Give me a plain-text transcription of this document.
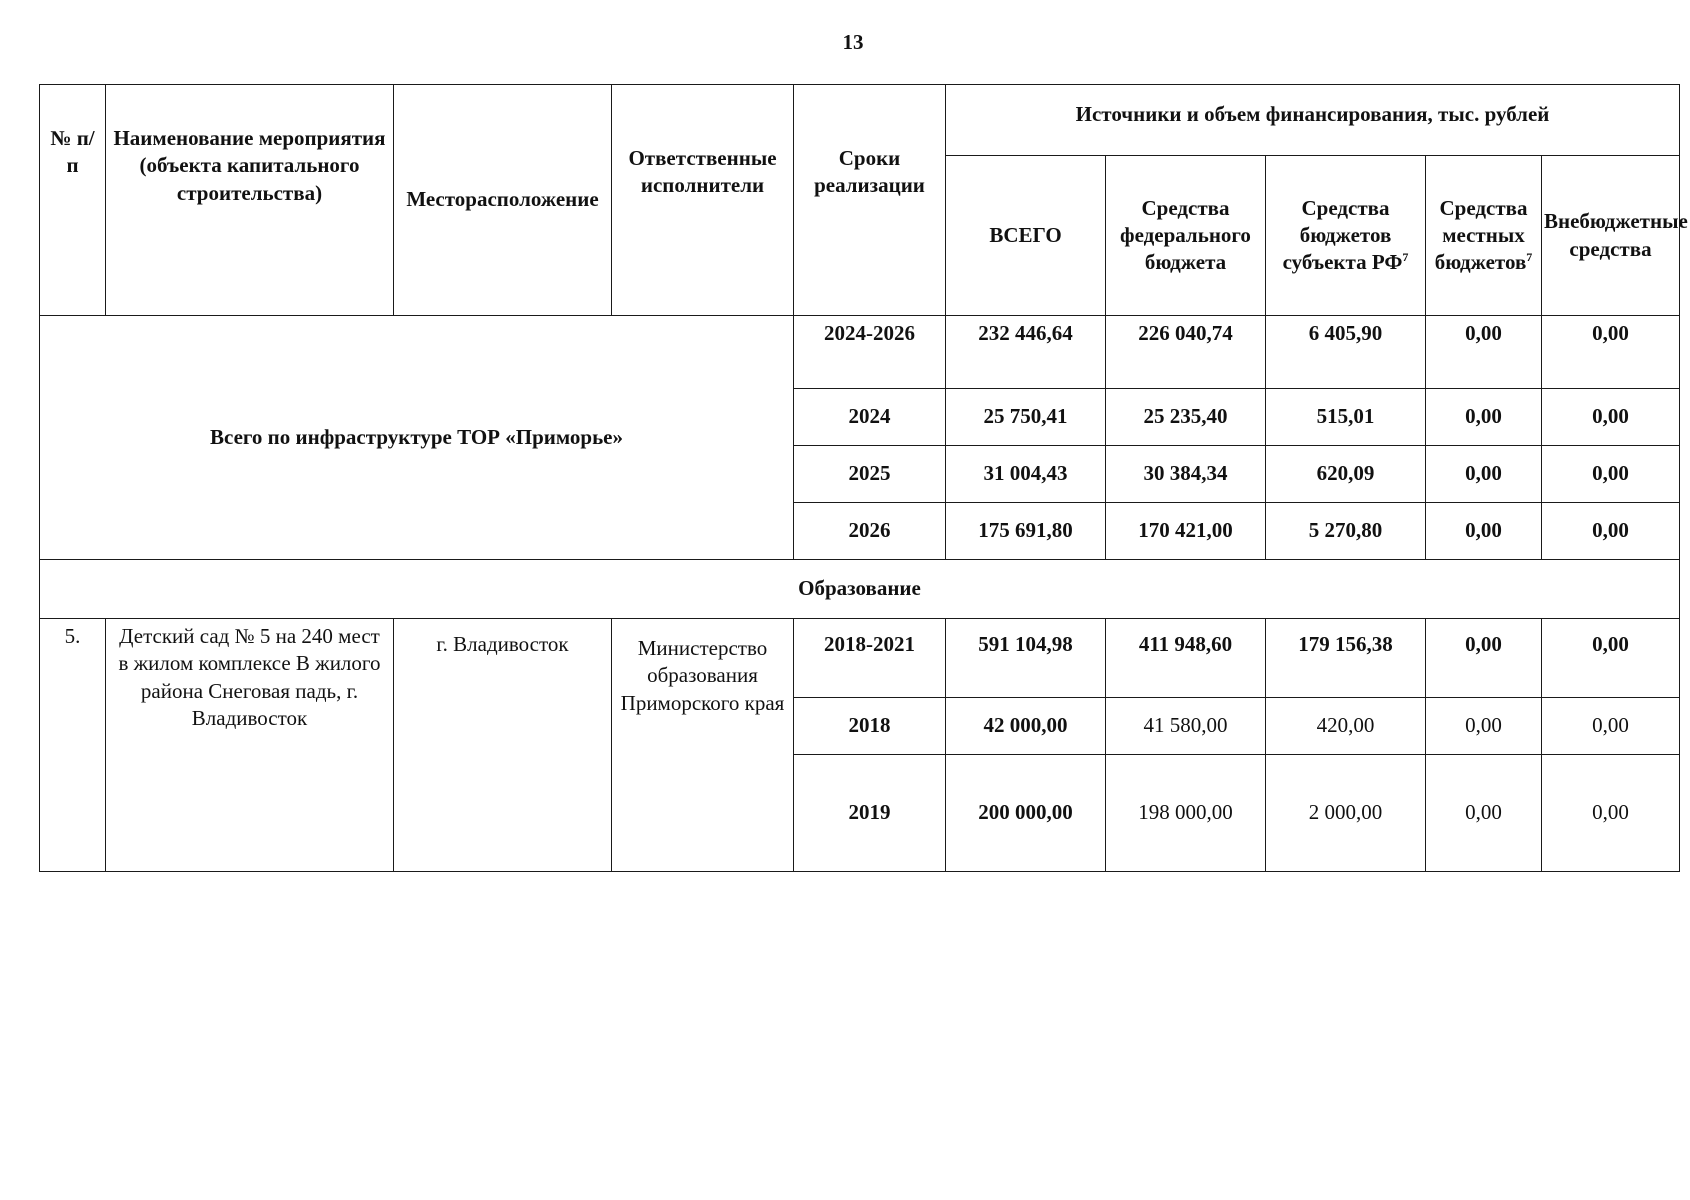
13
№ п/п	Наименование мероприятия (объекта капитального строительства)	Месторасположение	Ответственные исполнители	Сроки реализации	Источники и объем финансирования, тыс. рублей				
					ВСЕГО	Средства федерального бюджета	Средства бюджетов субъекта $РФ^7$	Средства местных бюджетов$^7$	Внебюджетные средства
Всего по инфраструктуре ТОР «Приморье»				2024-2026	232 446,64	226 040,74	6 405,90	0,00	0,00
				2024	25 750,41	25 235,40	515,01	0,00	0,00
				2025	31 004,43	30 384,34	620,09	0,00	0,00
				2026	175 691,80	170 421,00	5 270,80	0,00	0,00
Образование									
5.	Детский сад № 5 на 240 мест в жилом комплексе В жилого района Снеговая падь, г. Владивосток	г. Владивосток	Министерство образования Приморского края	2018-2021	591 104,98	411 948,60	179 156,38	0,00	0,00
				2018	42 000,00	41 580,00	420,00	0,00	0,00
				2019	200 000,00	198 000,00	2 000,00	0,00	0,00
